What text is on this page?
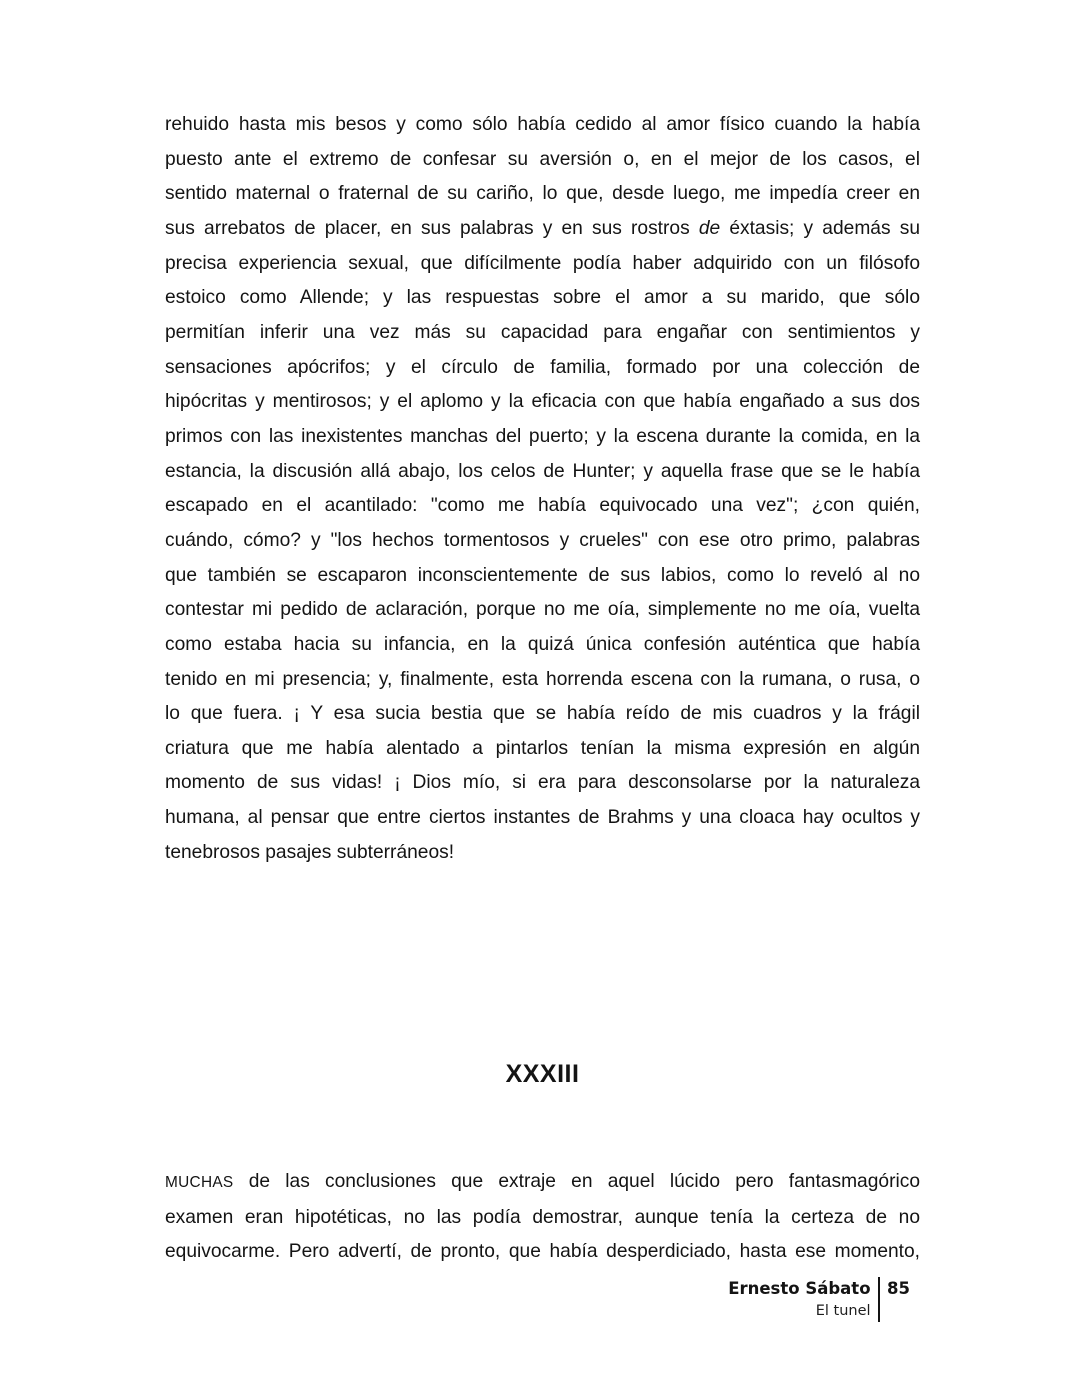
rehuido hasta mis besos y como sólo había cedido al amor físico cuando la había
puesto ante el extremo de confesar su aversión o, en el mejor de los casos, el
sentido maternal o fraternal de su cariño, lo que, desde luego, me impedía creer en
sus arrebatos de placer, en sus palabras y en sus rostros de éxtasis; y además su
precisa experiencia sexual, que difícilmente podía haber adquirido con un filósofo
estoico como Allende; y las respuestas sobre el amor a su marido, que sólo
permitían inferir una vez más su capacidad para engañar con sentimientos y
sensaciones apócrifos; y el círculo de familia, formado por una colección de
hipócritas y mentirosos; y el aplomo y la eficacia con que había engañado a sus dos
primos con las inexistentes manchas del puerto; y la escena durante la comida, en la
estancia, la discusión allá abajo, los celos de Hunter; y aquella frase que se le había
escapado en el acantilado: "como me había equivocado una vez"; ¿con quién,
cuándo, cómo? y "los hechos tormentosos y crueles" con ese otro primo, palabras
que también se escaparon inconscientemente de sus labios, como lo reveló al no
contestar mi pedido de aclaración, porque no me oía, simplemente no me oía, vuelta
como estaba hacia su infancia, en la quizá única confesión auténtica que había
tenido en mi presencia; y, finalmente, esta horrenda escena con la rumana, o rusa, o
lo que fuera. ¡ Y esa sucia bestia que se había reído de mis cuadros y la frágil
criatura que me había alentado a pintarlos tenían la misma expresión en algún
momento de sus vidas! ¡ Dios mío, si era para desconsolarse por la naturaleza
humana, al pensar que entre ciertos instantes de Brahms y una cloaca hay ocultos y
tenebrosos pasajes subterráneos!
XXXIII
MUCHAS de las conclusiones que extraje en aquel lúcido pero fantasmagórico
examen eran hipotéticas, no las podía demostrar, aunque tenía la certeza de no
equivocarme. Pero advertí, de pronto, que había desperdiciado, hasta ese momento,
Ernesto Sábato
El tunel
85
